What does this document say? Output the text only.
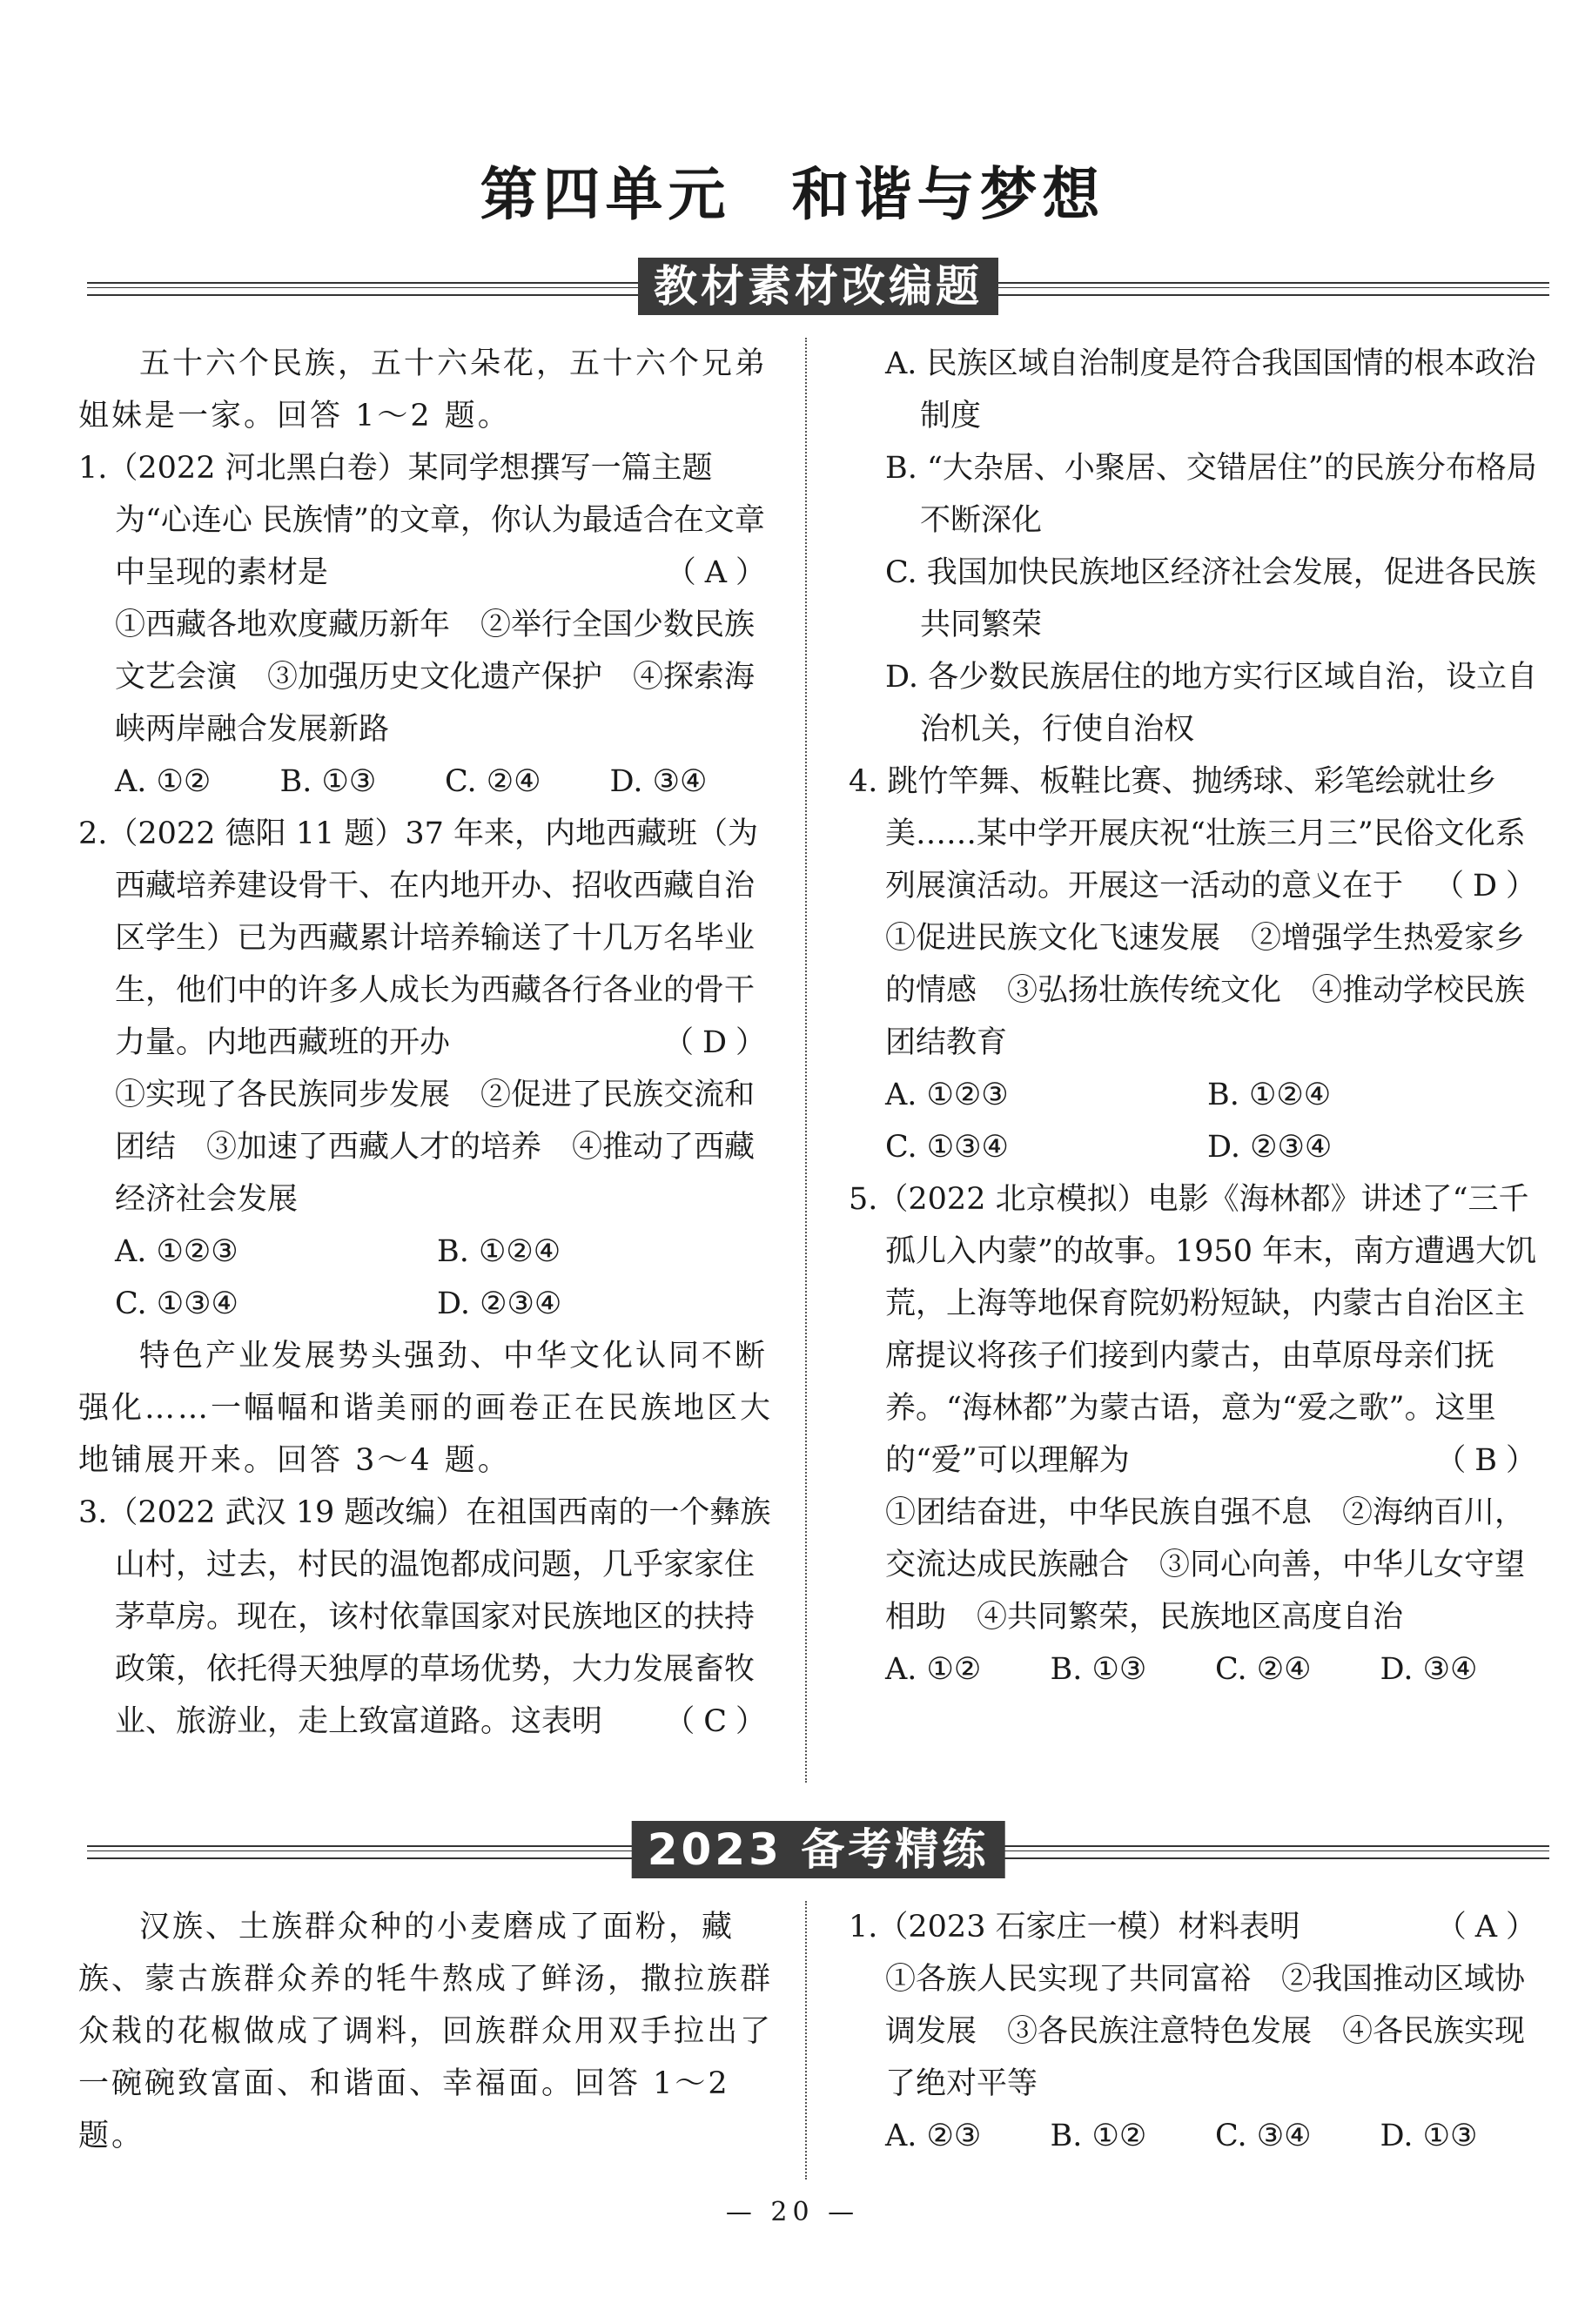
第四单元 和谐与梦想
教材素材改编题

五十六个民族，五十六朵花，五十六个兄弟姐妹是一家。回答 1～2 题。

1.（2022 河北黑白卷）某同学想撰写一篇主题为“心连心 民族情”的文章，你认为最适合在文章中呈现的素材是	（A）

①西藏各地欢度藏历新年　②举行全国少数民族文艺会演　③加强历史文化遗产保护　④探索海峡两岸融合发展新路

A. ①②	B. ①③	C. ②④	D. ③④

2.（2022 德阳 11 题）37 年来，内地西藏班（为西藏培养建设骨干、在内地开办、招收西藏自治区学生）已为西藏累计培养输送了十几万名毕业生，他们中的许多人成长为西藏各行各业的骨干力量。内地西藏班的开办	（D）

①实现了各民族同步发展　②促进了民族交流和团结　③加速了西藏人才的培养　④推动了西藏经济社会发展

A. ①②③	B. ①②④

C. ①③④	D. ②③④

特色产业发展势头强劲、中华文化认同不断强化……一幅幅和谐美丽的画卷正在民族地区大地铺展开来。回答 3～4 题。

3.（2022 武汉 19 题改编）在祖国西南的一个彝族山村，过去，村民的温饱都成问题，几乎家家住茅草房。现在，该村依靠国家对民族地区的扶持政策，依托得天独厚的草场优势，大力发展畜牧业、旅游业，走上致富道路。这表明 （C）

A. 民族区域自治制度是符合我国国情的根本政治制度

B. “大杂居、小聚居、交错居住”的民族分布格局不断深化

C. 我国加快民族地区经济社会发展，促进各民族共同繁荣

D. 各少数民族居住的地方实行区域自治，设立自治机关，行使自治权

4. 跳竹竿舞、板鞋比赛、抛绣球、彩笔绘就壮乡美……某中学开展庆祝“壮族三月三”民俗文化系列展演活动。开展这一活动的意义在于 （D）

①促进民族文化飞速发展　②增强学生热爱家乡的情感　③弘扬壮族传统文化　④推动学校民族团结教育

A. ①②③	B. ①②④

C. ①③④	D. ②③④

5.（2022 北京模拟）电影《海林都》讲述了“三千孤儿入内蒙”的故事。1950 年末，南方遭遇大饥荒，上海等地保育院奶粉短缺，内蒙古自治区主席提议将孩子们接到内蒙古，由草原母亲们抚养。“海林都”为蒙古语，意为“爱之歌”。这里的“爱”可以理解为	（B）

①团结奋进，中华民族自强不息　②海纳百川，交流达成民族融合　③同心向善，中华儿女守望相助　④共同繁荣，民族地区高度自治

A. ①②	B. ①③	C. ②④	D. ③④

2023 备考精练

汉族、土族群众种的小麦磨成了面粉，藏族、蒙古族群众养的牦牛熬成了鲜汤，撒拉族群众栽的花椒做成了调料，回族群众用双手拉出了一碗碗致富面、和谐面、幸福面。回答 1～2 题。

1.（2023 石家庄一模）材料表明	（A）

①各族人民实现了共同富裕　②我国推动区域协调发展　③各民族注意特色发展　④各民族实现了绝对平等

A. ②③	B. ①②	C. ③④	D. ①③

— 20 —
